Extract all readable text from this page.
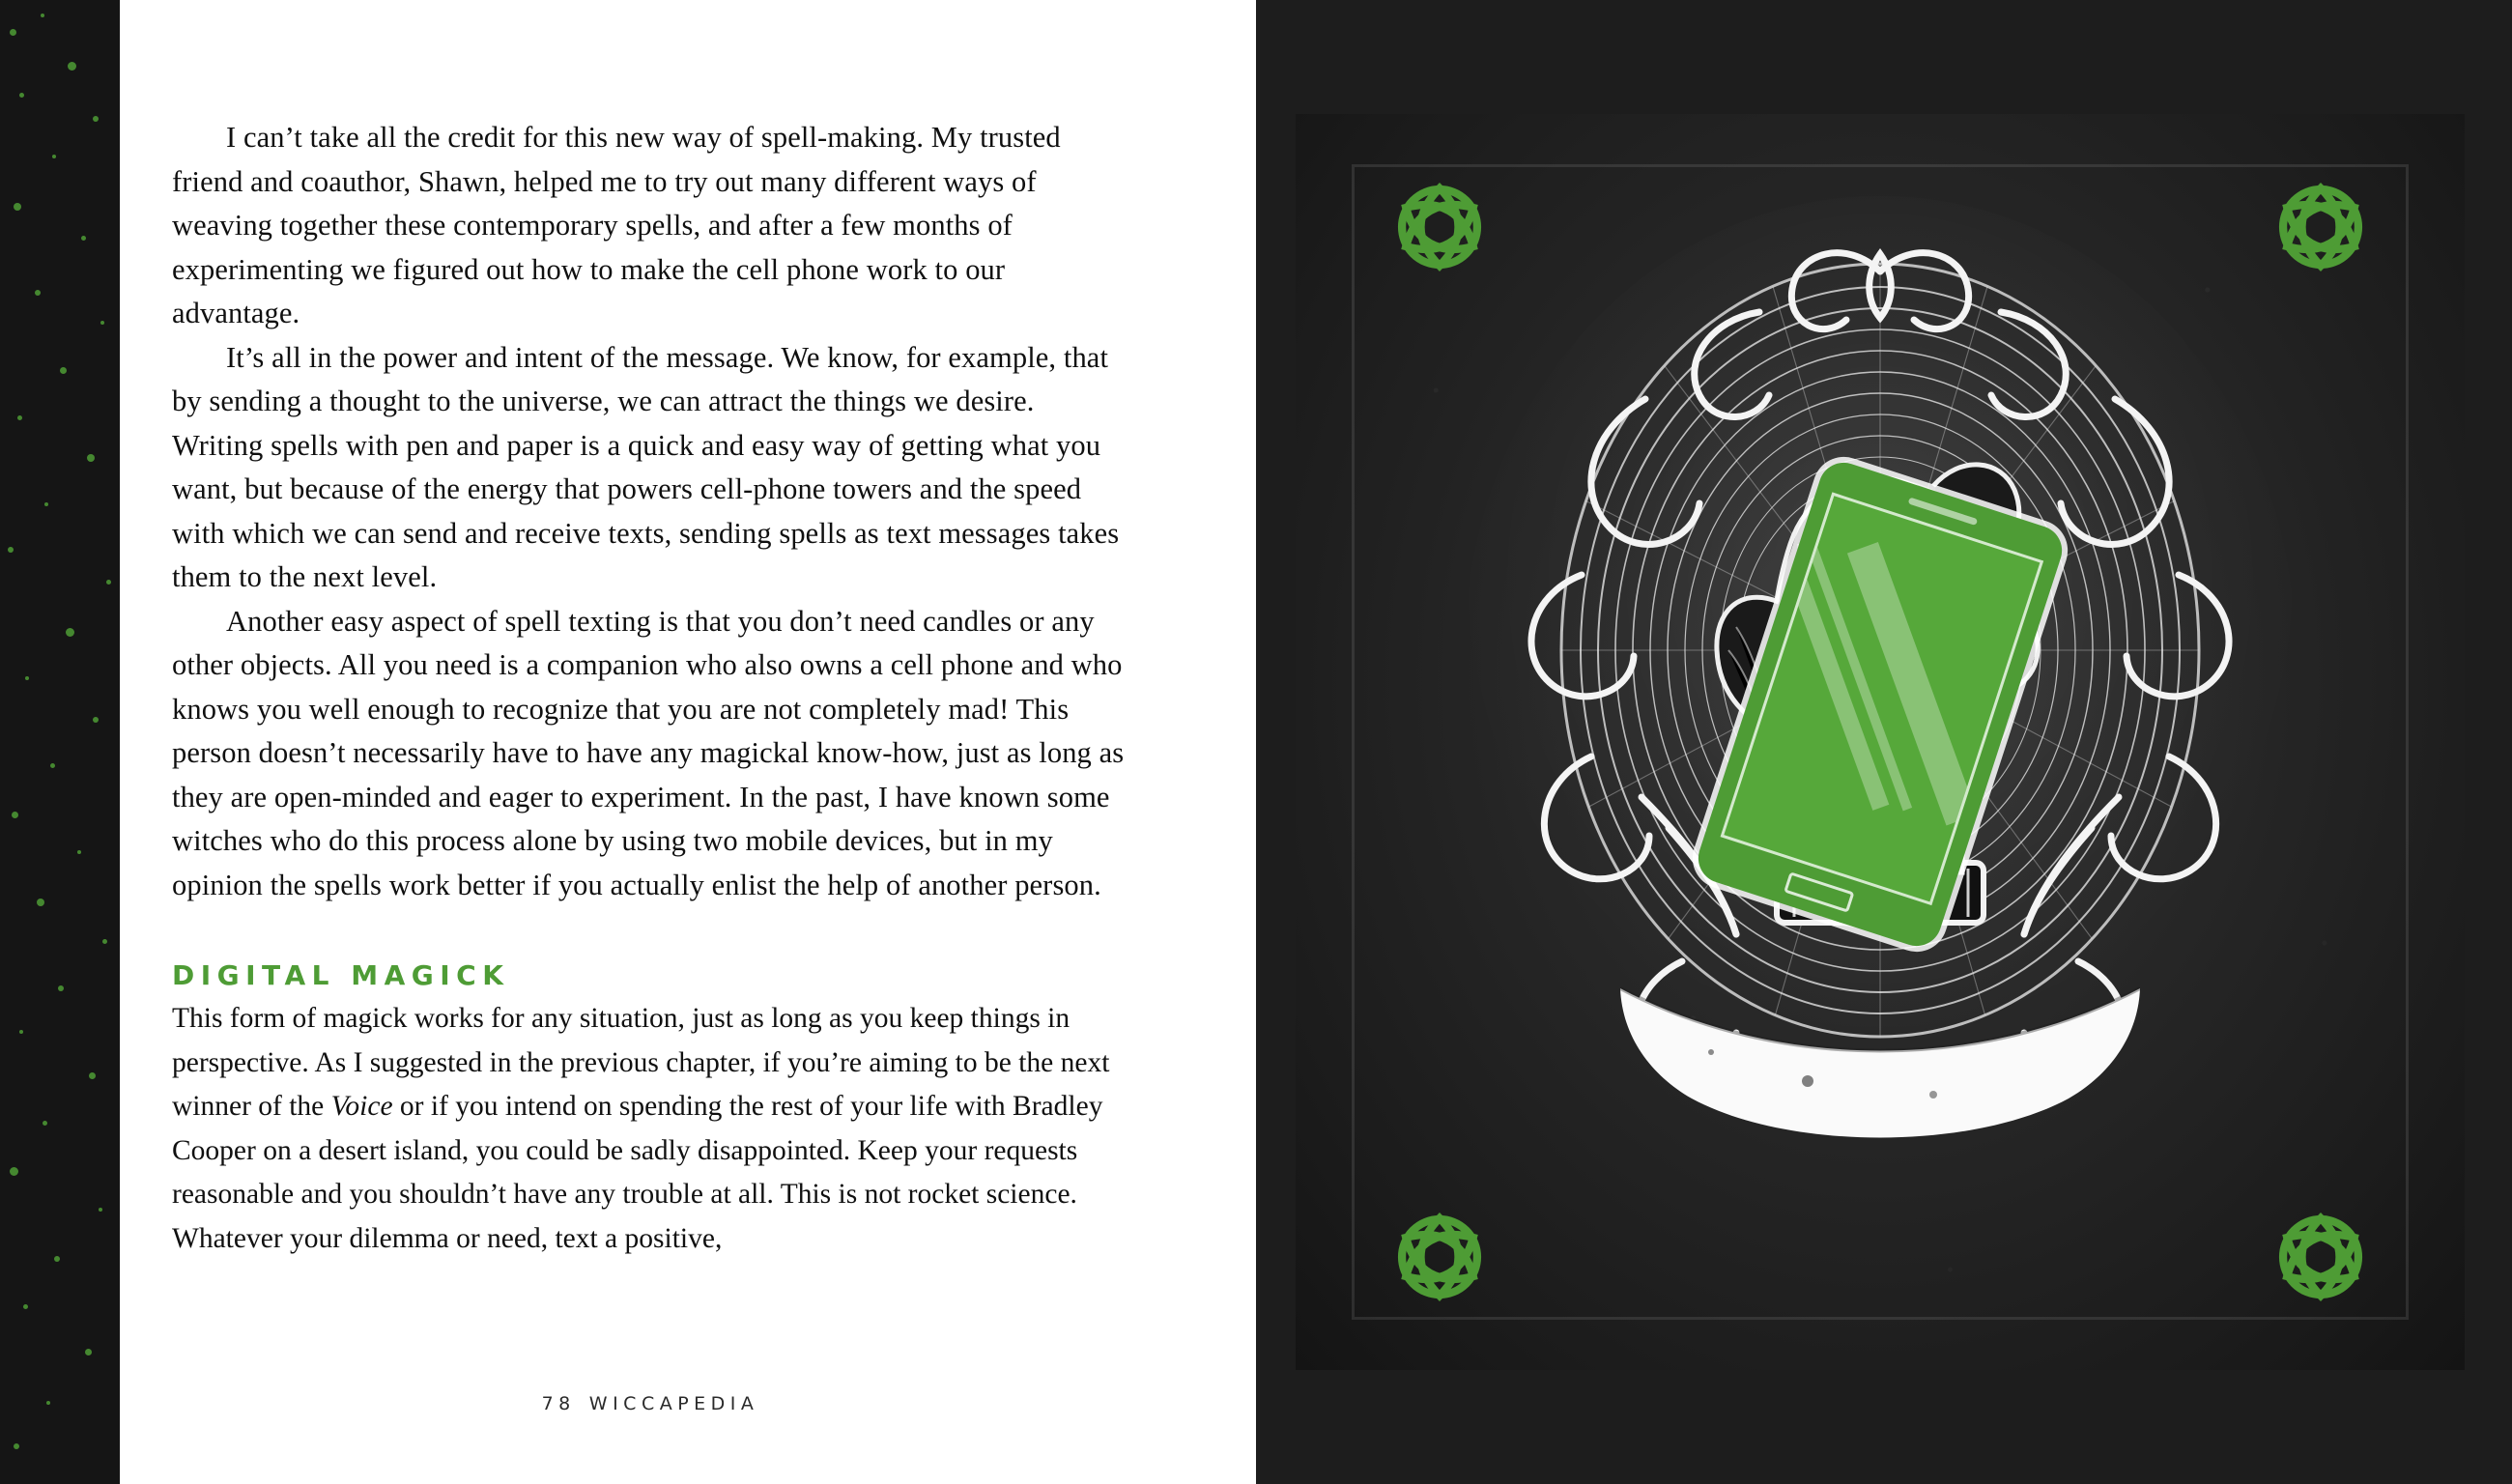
I can’t take all the credit for this new way of spell-making. My trusted friend and coauthor, Shawn, helped me to try out many different ways of weaving together these contemporary spells, and after a few months of experimenting we figured out how to make the cell phone work to our advantage.

It’s all in the power and intent of the message. We know, for example, that by sending a thought to the universe, we can attract the things we desire. Writing spells with pen and paper is a quick and easy way of getting what you want, but because of the energy that powers cell-phone towers and the speed with which we can send and receive texts, sending spells as text messages takes them to the next level.

Another easy aspect of spell texting is that you don’t need candles or any other objects. All you need is a companion who also owns a cell phone and who knows you well enough to recognize that you are not completely mad! This person doesn’t necessarily have to have any magickal know-how, just as long as they are open-minded and eager to experiment. In the past, I have known some witches who do this process alone by using two mobile devices, but in my opinion the spells work better if you actually enlist the help of another person.

DIGITAL MAGICK

This form of magick works for any situation, just as long as you keep things in perspective. As I suggested in the previous chapter, if you’re aiming to be the next winner of the Voice or if you intend on spending the rest of your life with Bradley Cooper on a desert island, you could be sadly disappointed. Keep your requests reasonable and you shouldn’t have any trouble at all. This is not rocket science. Whatever your dilemma or need, text a positive,

78 WICCAPEDIA
